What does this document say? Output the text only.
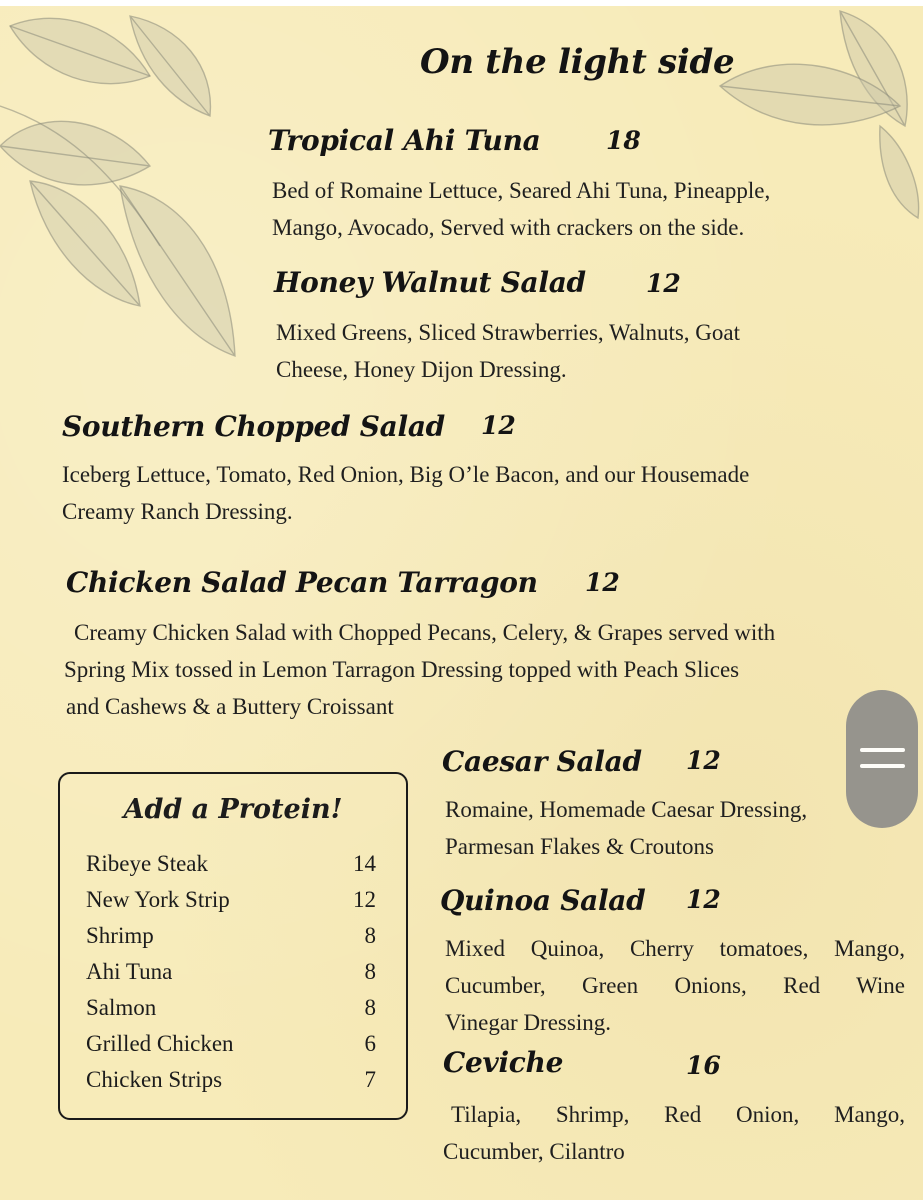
On the light side
Tropical Ahi Tuna	18
Bed of Romaine Lettuce, Seared Ahi Tuna, Pineapple,
Mango, Avocado, Served with crackers on the side.
Honey Walnut Salad 12
Mixed Greens, Sliced Strawberries, Walnuts, Goat
Cheese, Honey Dijon Dressing.
Southern Chopped Salad 12
Iceberg Lettuce, Tomato, Red Onion, Big O’le Bacon, and our Housemade
Creamy Ranch Dressing.
Chicken Salad Pecan Tarragon 12
Creamy Chicken Salad with Chopped Pecans, Celery, & Grapes served with
Spring Mix tossed in Lemon Tarragon Dressing topped with Peach Slices
and Cashews & a Buttery Croissant
Caesar Salad 12
Romaine, Homemade Caesar Dressing,
Parmesan Flakes & Croutons
Quinoa Salad 12
Mixed Quinoa, Cherry tomatoes, Mango,
Cucumber, Green Onions, Red Wine
Vinegar Dressing.
Ceviche	16
Tilapia, Shrimp, Red Onion, Mango,
Cucumber, Cilantro
Add a Protein!
Ribeye Steak	14
New York Strip	12
Shrimp	8
Ahi Tuna	8
Salmon	8
Grilled Chicken	6
Chicken Strips	7
